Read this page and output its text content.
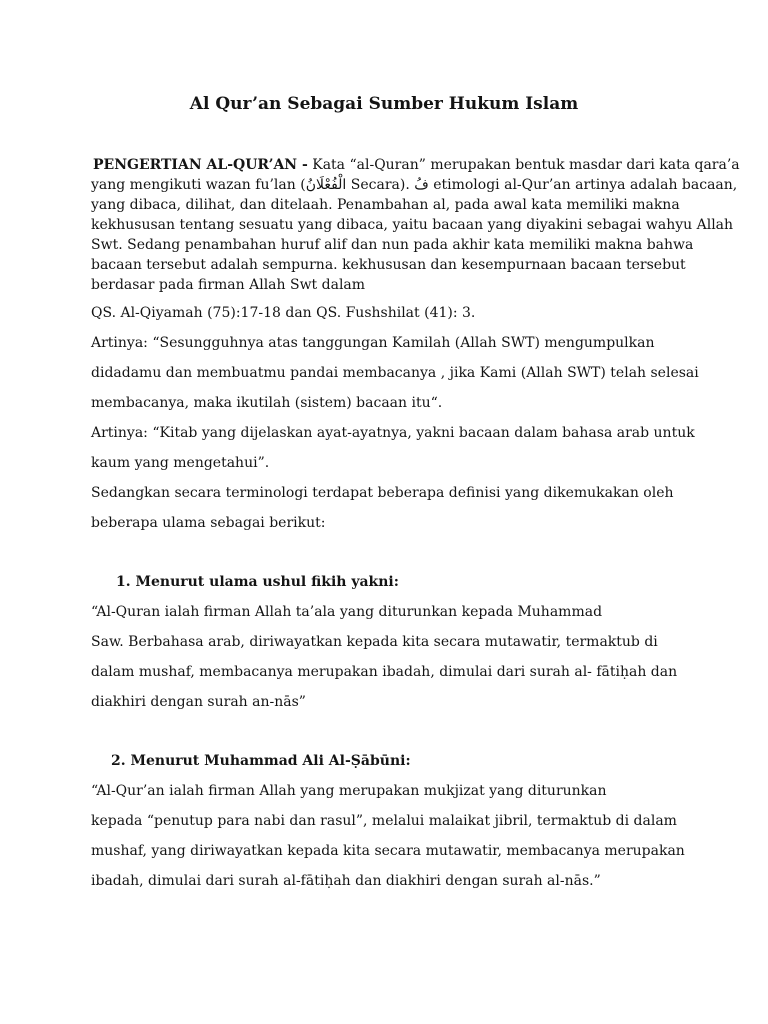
Al Qur’an Sebagai Sumber Hukum Islam
PENGERTIAN AL-QUR’AN - Kata “al-Quran” merupakan bentuk masdar dari kata qara’a
yang mengikuti wazan fu’lan (الْفُعْلَانُ Secara). فُ etimologi al-Qur’an artinya adalah bacaan,
yang dibaca, dilihat, dan ditelaah. Penambahan al, pada awal kata memiliki makna
kekhususan tentang sesuatu yang dibaca, yaitu bacaan yang diyakini sebagai wahyu Allah
Swt. Sedang penambahan huruf alif dan nun pada akhir kata memiliki makna bahwa
bacaan tersebut adalah sempurna. kekhususan dan kesempurnaan bacaan tersebut
berdasar pada firman Allah Swt dalam
QS. Al-Qiyamah (75):17-18 dan QS. Fushshilat (41): 3.
Artinya: “Sesungguhnya atas tanggungan Kamilah (Allah SWT) mengumpulkan
didadamu dan membuatmu pandai membacanya , jika Kami (Allah SWT) telah selesai
membacanya, maka ikutilah (sistem) bacaan itu“.
Artinya: “Kitab yang dijelaskan ayat-ayatnya, yakni bacaan dalam bahasa arab untuk
kaum yang mengetahui”.
Sedangkan secara terminologi terdapat beberapa definisi yang dikemukakan oleh
beberapa ulama sebagai berikut:
1. Menurut ulama ushul fikih yakni:
“Al-Quran ialah firman Allah ta’ala yang diturunkan kepada Muhammad
Saw. Berbahasa arab, diriwayatkan kepada kita secara mutawatir, termaktub di
dalam mushaf, membacanya merupakan ibadah, dimulai dari surah al- fātiḥah dan
diakhiri dengan surah an-nās”
2. Menurut Muhammad Ali Al-Ṣābūni:
“Al-Qur’an ialah firman Allah yang merupakan mukjizat yang diturunkan
kepada “penutup para nabi dan rasul”, melalui malaikat jibril, termaktub di dalam
mushaf, yang diriwayatkan kepada kita secara mutawatir, membacanya merupakan
ibadah, dimulai dari surah al-fātiḥah dan diakhiri dengan surah al-nās.”
